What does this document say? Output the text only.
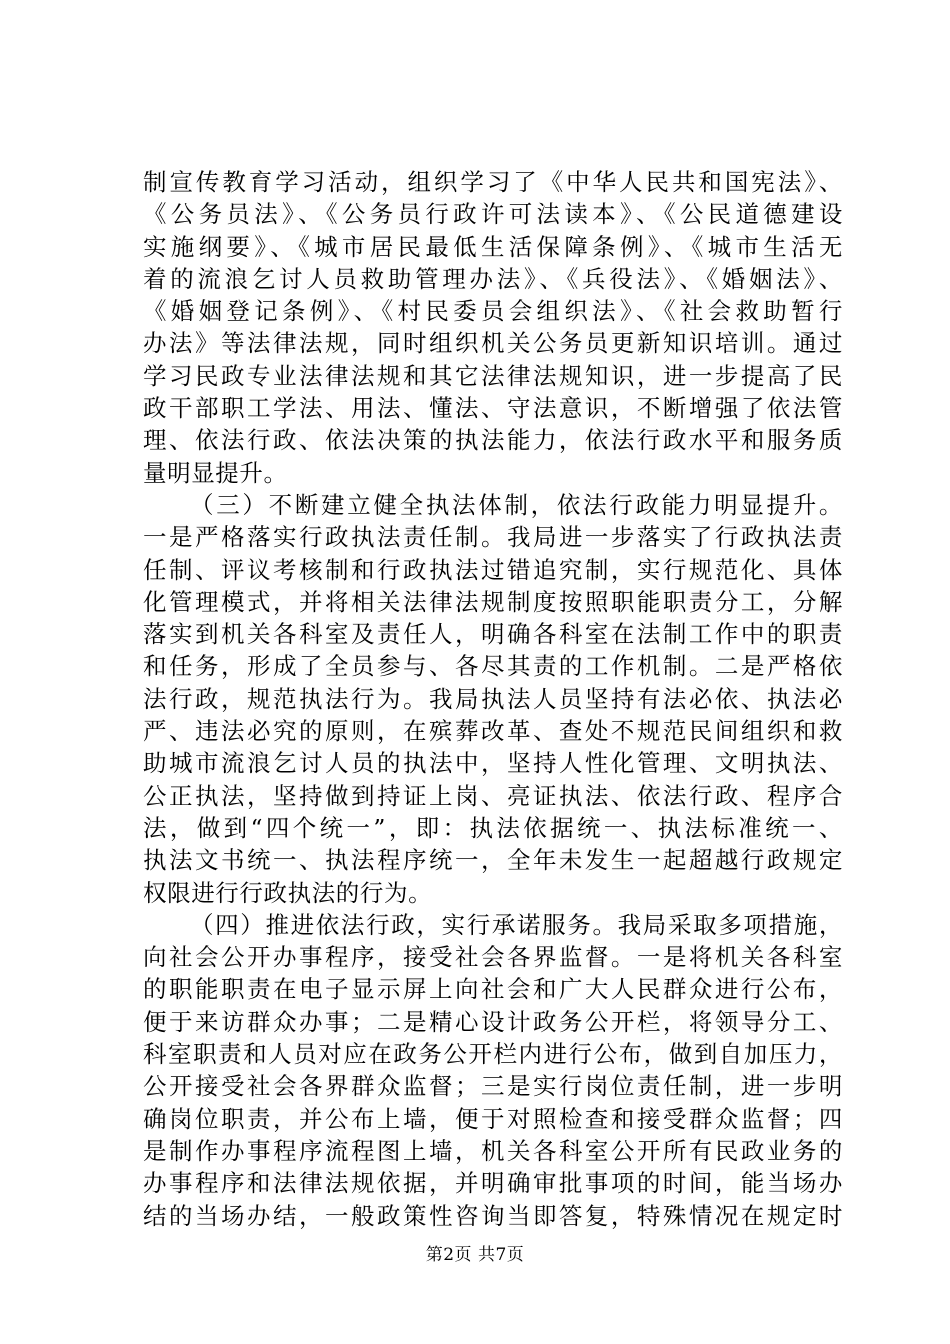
制宣传教育学习活动，组织学习了《中华人民共和国宪法》、
《公务员法》、《公务员行政许可法读本》、《公民道德建设
实施纲要》、《城市居民最低生活保障条例》、《城市生活无
着的流浪乞讨人员救助管理办法》、《兵役法》、《婚姻法》、
《婚姻登记条例》、《村民委员会组织法》、《社会救助暂行
办法》等法律法规，同时组织机关公务员更新知识培训。通过
学习民政专业法律法规和其它法律法规知识，进一步提高了民
政干部职工学法、用法、懂法、守法意识，不断增强了依法管
理、依法行政、依法决策的执法能力，依法行政水平和服务质
量明显提升。
（三）不断建立健全执法体制，依法行政能力明显提升。
一是严格落实行政执法责任制。我局进一步落实了行政执法责
任制、评议考核制和行政执法过错追究制，实行规范化、具体
化管理模式，并将相关法律法规制度按照职能职责分工，分解
落实到机关各科室及责任人，明确各科室在法制工作中的职责
和任务，形成了全员参与、各尽其责的工作机制。二是严格依
法行政，规范执法行为。我局执法人员坚持有法必依、执法必
严、违法必究的原则，在殡葬改革、查处不规范民间组织和救
助城市流浪乞讨人员的执法中，坚持人性化管理、文明执法、
公正执法，坚持做到持证上岗、亮证执法、依法行政、程序合
法，做到“四个统一”，即：执法依据统一、执法标准统一、
执法文书统一、执法程序统一，全年未发生一起超越行政规定
权限进行行政执法的行为。
（四）推进依法行政，实行承诺服务。我局采取多项措施，
向社会公开办事程序，接受社会各界监督。一是将机关各科室
的职能职责在电子显示屏上向社会和广大人民群众进行公布，
便于来访群众办事；二是精心设计政务公开栏，将领导分工、
科室职责和人员对应在政务公开栏内进行公布，做到自加压力，
公开接受社会各界群众监督；三是实行岗位责任制，进一步明
确岗位职责，并公布上墙，便于对照检查和接受群众监督；四
是制作办事程序流程图上墙，机关各科室公开所有民政业务的
办事程序和法律法规依据，并明确审批事项的时间，能当场办
结的当场办结，一般政策性咨询当即答复，特殊情况在规定时
第2页 共7页
